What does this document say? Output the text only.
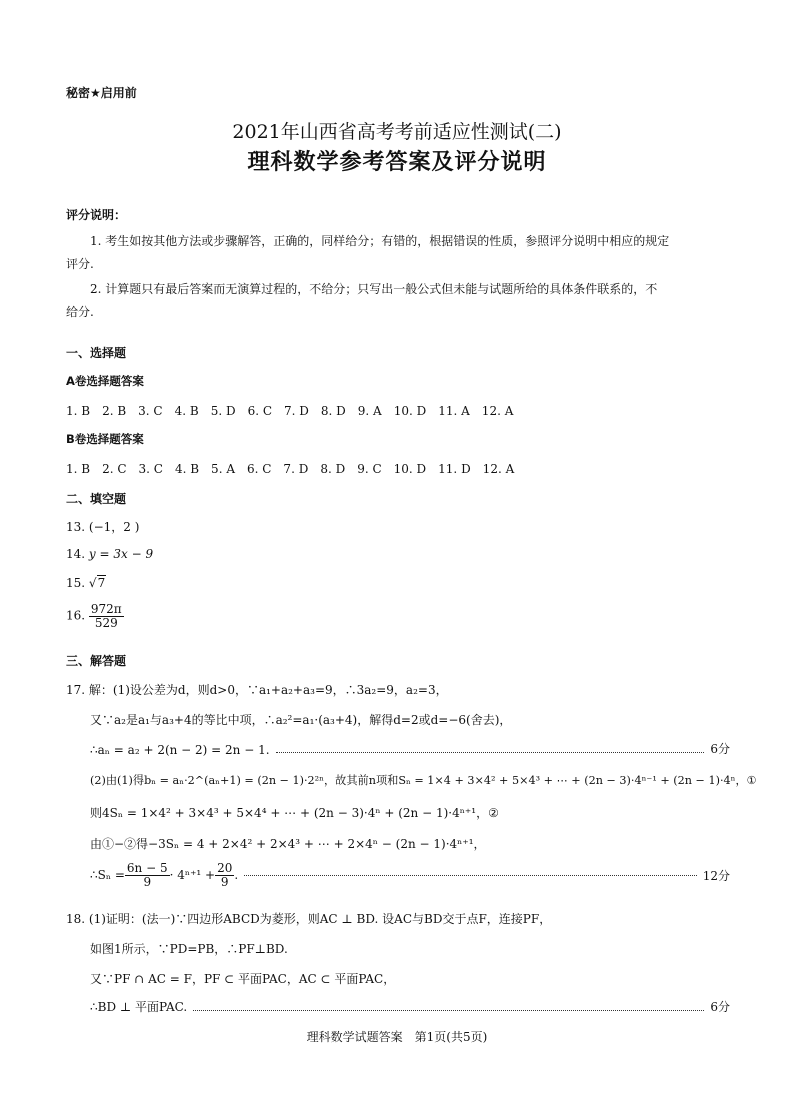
秘密★启用前
2021年山西省高考考前适应性测试(二)
理科数学参考答案及评分说明
评分说明：
1. 考生如按其他方法或步骤解答，正确的，同样给分；有错的，根据错误的性质，参照评分说明中相应的规定
评分.
2. 计算题只有最后答案而无演算过程的，不给分；只写出一般公式但未能与试题所给的具体条件联系的，不
给分.
一、选择题
A卷选择题答案
1. B　2. B　3. C　4. B　5. D　6. C　7. D　8. D　9. A　10. D　11. A　12. A
B卷选择题答案
1. B　2. C　3. C　4. B　5. A　6. C　7. D　8. D　9. C　10. D　11. D　12. A
二、填空题
13. (−1，2 )
14. y = 3x − 9
15. √7
16. $\frac{972\pi}{529}$
三、解答题
17. 解：(1)设公差为d，则d>0，∵a₁+a₂+a₃=9，∴3a₂=9，a₂=3，
又∵a₂是a₁与a₃+4的等比中项，∴a₂²=a₁·(a₃+4)，解得d=2或d=−6(舍去)，
∴aₙ = a₂ + 2(n − 2) = 2n − 1.	6分
(2)由(1)得bₙ = aₙ·2^(aₙ+1) = (2n − 1)·2²ⁿ，故其前n项和Sₙ = 1×4 + 3×4² + 5×4³ + ⋯ + (2n − 3)·4ⁿ⁻¹ + (2n − 1)·4ⁿ，①
则4Sₙ = 1×4² + 3×4³ + 5×4⁴ + ⋯ + (2n − 3)·4ⁿ + (2n − 1)·4ⁿ⁺¹，②
由①−②得−3Sₙ = 4 + 2×4² + 2×4³ + ⋯ + 2×4ⁿ − (2n − 1)·4ⁿ⁺¹，
∴Sₙ = $\frac{6n - 5}{9} \cdot 4^{n+1} + \frac{20}{9}$ .	12分
18. (1)证明：(法一)∵四边形ABCD为菱形，则AC ⊥ BD. 设AC与BD交于点F，连接PF，
如图1所示，∵PD=PB，∴PF⊥BD.
又∵PF ∩ AC = F，PF ⊂ 平面PAC，AC ⊂ 平面PAC，
∴BD ⊥ 平面PAC.	6分
理科数学试题答案　第1页(共5页)
